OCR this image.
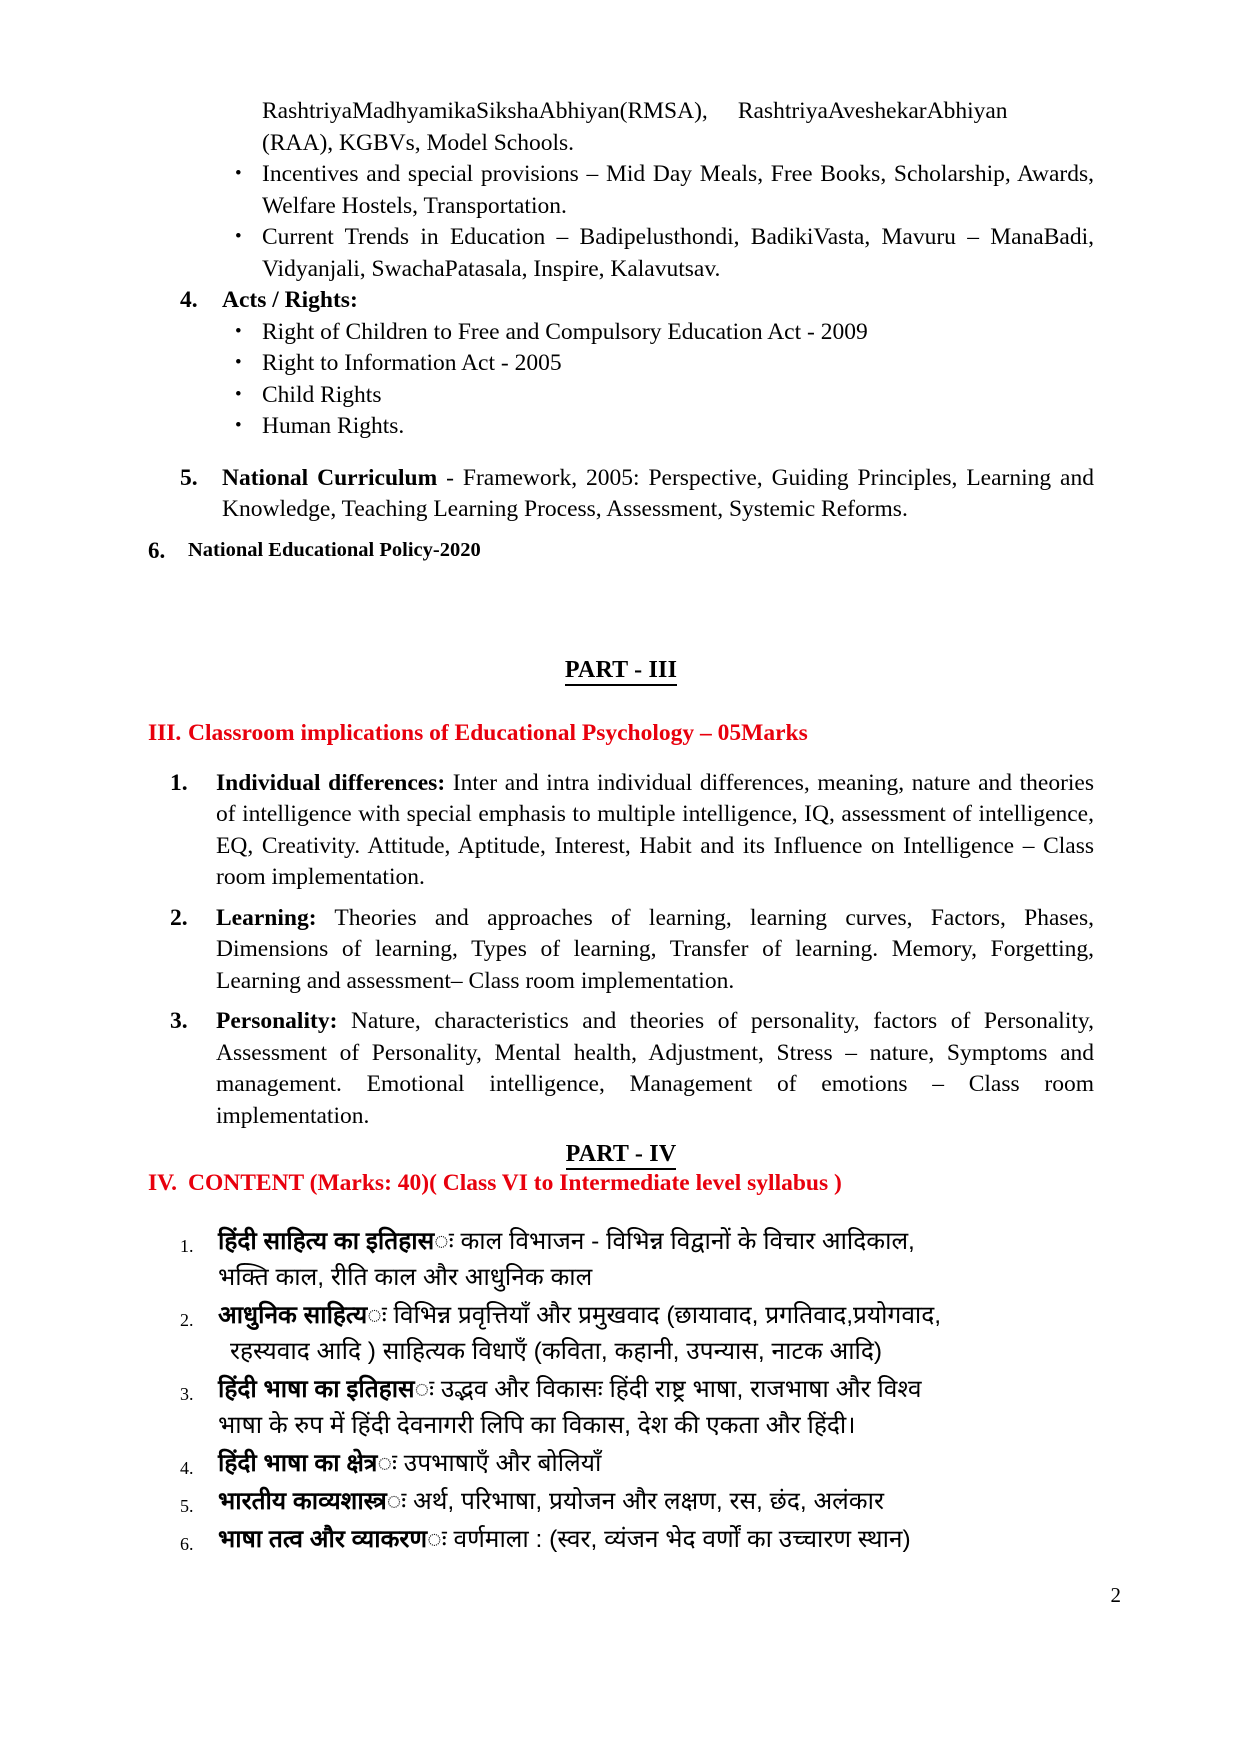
RashtriyaMadhyamikaSikshaAbhiyan(RMSA), RashtriyaAveshekarAbhiyan
(RAA), KGBVs, Model Schools.
• Incentives and special provisions – Mid Day Meals, Free Books, Scholarship, Awards, Welfare Hostels, Transportation.
• Current Trends in Education – Badipelusthondi, BadikiVasta, Mavuru – ManaBadi, Vidyanjali, SwachaPatasala, Inspire, Kalavutsav.
4. Acts / Rights:
• Right of Children to Free and Compulsory Education Act - 2009
• Right to Information Act - 2005
• Child Rights
• Human Rights.
5. National Curriculum - Framework, 2005: Perspective, Guiding Principles, Learning and Knowledge, Teaching Learning Process, Assessment, Systemic Reforms.
6. National Educational Policy-2020
PART - III
III. Classroom implications of Educational Psychology – 05Marks
1. Individual differences: Inter and intra individual differences, meaning, nature and theories of intelligence with special emphasis to multiple intelligence, IQ, assessment of intelligence, EQ, Creativity. Attitude, Aptitude, Interest, Habit and its Influence on Intelligence – Class room implementation.
2. Learning: Theories and approaches of learning, learning curves, Factors, Phases, Dimensions of learning, Types of learning, Transfer of learning. Memory, Forgetting, Learning and assessment– Class room implementation.
3. Personality: Nature, characteristics and theories of personality, factors of Personality, Assessment of Personality, Mental health, Adjustment, Stress – nature, Symptoms and management. Emotional intelligence, Management of emotions – Class room implementation.
PART - IV
IV. CONTENT (Marks: 40)( Class VI to Intermediate level syllabus )
1. हिंदी साहित्य का इतिहासः काल विभाजन - विभिन्न विद्वानों के विचार आदिकाल,
भक्ति काल, रीति काल और आधुनिक काल
2. आधुनिक साहित्यः विभिन्न प्रवृत्तियाँ और प्रमुखवाद (छायावाद, प्रगतिवाद,प्रयोगवाद,
रहस्यवाद आदि ) साहित्यक विधाएँ (कविता, कहानी, उपन्यास, नाटक आदि)
3. हिंदी भाषा का इतिहासः उद्भव और विकासः हिंदी राष्ट्र भाषा, राजभाषा और विश्व
भाषा के रुप में हिंदी देवनागरी लिपि का विकास, देश की एकता और हिंदी।
4. हिंदी भाषा का क्षेत्रः उपभाषाएँ और बोलियाँ
5. भारतीय काव्यशास्त्रः अर्थ, परिभाषा, प्रयोजन और लक्षण, रस, छंद, अलंकार
6. भाषा तत्व और व्याकरणः वर्णमाला : (स्वर, व्यंजन भेद वर्णों का उच्चारण स्थान)
2
